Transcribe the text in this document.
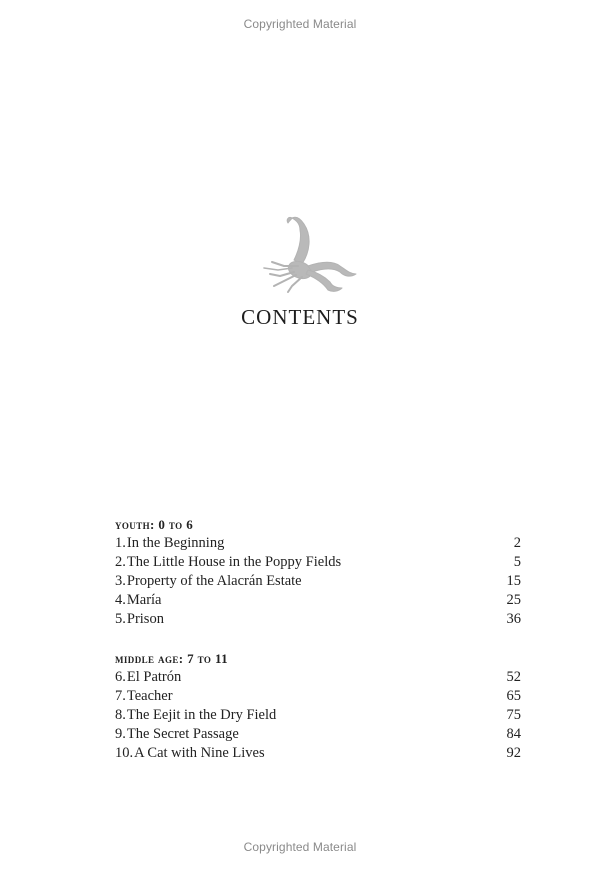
Copyrighted Material
CONTENTS
youth: 0 to 6
1.In the Beginning	2
2.The Little House in the Poppy Fields	5
3.Property of the Alacrán Estate	15
4.María	25
5.Prison	36
middle age: 7 to 11
6.El Patrón	52
7.Teacher	65
8.The Eejit in the Dry Field	75
9.The Secret Passage	84
10.A Cat with Nine Lives	92
Copyrighted Material
